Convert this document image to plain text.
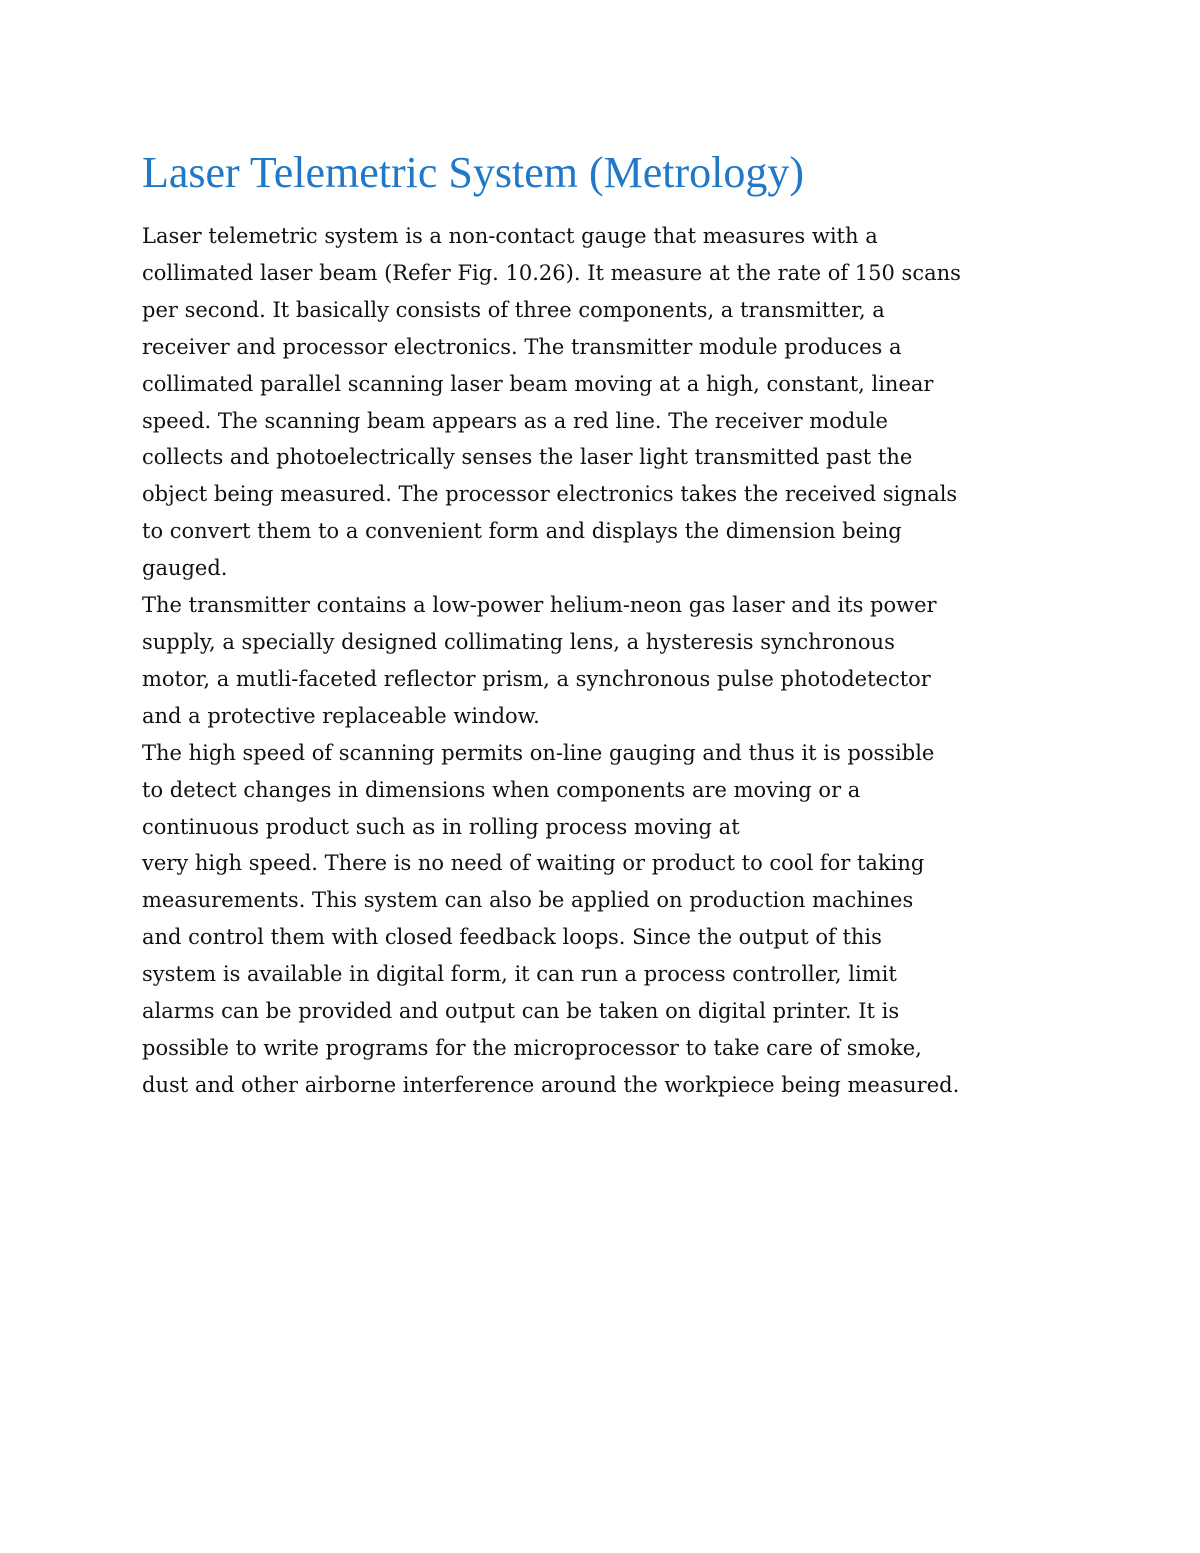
Laser Telemetric System (Metrology)
Laser telemetric system is a non-contact gauge that measures with a
collimated laser beam (Refer Fig. 10.26). It measure at the rate of 150 scans
per second. It basically consists of three components, a transmitter, a
receiver and processor electronics. The transmitter module produces a
collimated parallel scanning laser beam moving at a high, constant, linear
speed. The scanning beam appears as a red line. The receiver module
collects and photoelectrically senses the laser light transmitted past the
object being measured. The processor electronics takes the received signals
to convert them to a convenient form and displays the dimension being
gauged.
The transmitter contains a low-power helium-neon gas laser and its power
supply, a specially designed collimating lens, a hysteresis synchronous
motor, a mutli-faceted reflector prism, a synchronous pulse photodetector
and a protective replaceable window.
The high speed of scanning permits on-line gauging and thus it is possible
to detect changes in dimensions when components are moving or a
continuous product such as in rolling process moving at
very high speed. There is no need of waiting or product to cool for taking
measurements. This system can also be applied on production machines
and control them with closed feedback loops. Since the output of this
system is available in digital form, it can run a process controller, limit
alarms can be provided and output can be taken on digital printer. It is
possible to write programs for the microprocessor to take care of smoke,
dust and other airborne interference around the workpiece being measured.
